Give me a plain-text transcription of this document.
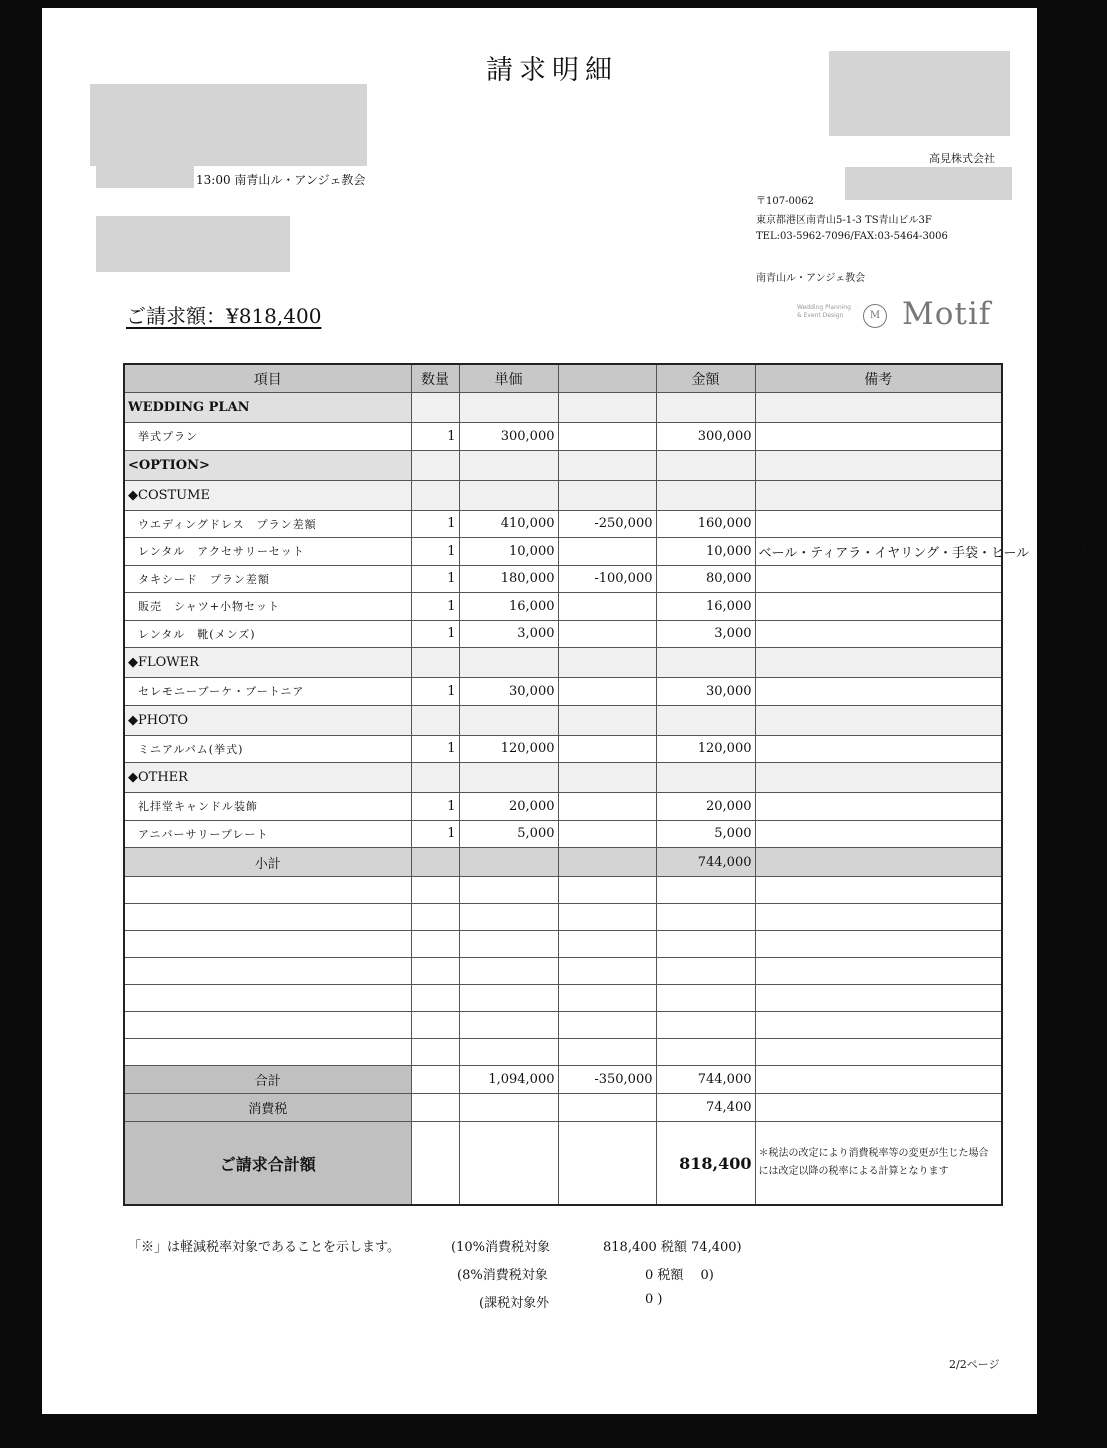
請求明細
13:00 南青山ル・アンジェ教会
高見株式会社
〒107-0062
東京都港区南青山5-1-3 TS青山ビル3F
TEL:03-5962-7096/FAX:03-5464-3006
南青山ル・アンジェ教会
ご請求額：¥818,400	Wedding Planning
& Event Design	M Motif
項目	数量	単価		金額	備考
WEDDING PLAN					
挙式プラン	1	300,000		300,000	
<OPTION>					
◆COSTUME					
ウエディングドレス　プラン差額	1	410,000	-250,000	160,000	
レンタル　アクセサリーセット	1	10,000		10,000	ベール・ティアラ・イヤリング・手袋・ヒール（バンド付）
タキシード　プラン差額	1	180,000	-100,000	80,000	
販売　シャツ+小物セット	1	16,000		16,000	
レンタル　靴(メンズ)	1	3,000		3,000	
◆FLOWER					
セレモニーブーケ・ブートニア	1	30,000		30,000	
◆PHOTO					
ミニアルバム(挙式)	1	120,000		120,000	
◆OTHER					
礼拝堂キャンドル装飾	1	20,000		20,000	
アニバーサリープレート	1	5,000		5,000	
小計				744,000	

合計		1,094,000	-350,000	744,000	
消費税				74,400	
ご請求合計額				818,400	＊税法の改定により消費税率等の変更が生じた場合には改定以降の税率による計算となります
「※」は軽減税率対象であることを示します。	(10%消費税対象	818,400 税額 74,400)
(8%消費税対象	0 税額　 0)
(課税対象外	0 )
2/2ページ
